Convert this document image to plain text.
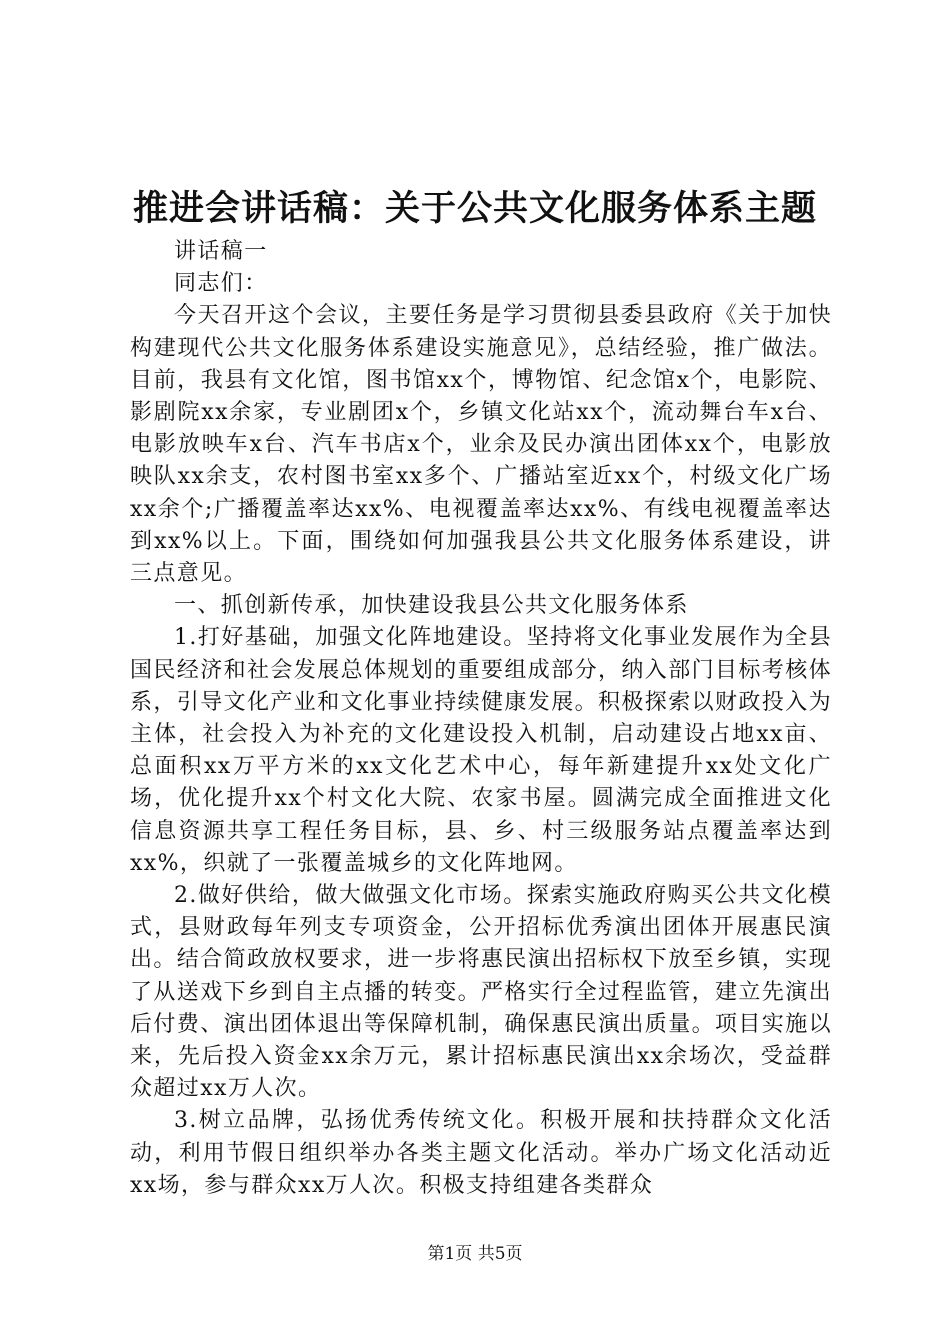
推进会讲话稿：关于公共文化服务体系主题

讲话稿一

同志们：

今天召开这个会议，主要任务是学习贯彻县委县政府《关于加快构建现代公共文化服务体系建设实施意见》，总结经验，推广做法。目前，我县有文化馆，图书馆xx个，博物馆、纪念馆x个，电影院、影剧院xx余家，专业剧团x个，乡镇文化站xx个，流动舞台车x台、电影放映车x台、汽车书店x个，业余及民办演出团体xx个，电影放映队xx余支，农村图书室xx多个、广播站室近xx个，村级文化广场xx余个;广播覆盖率达xx%、电视覆盖率达xx%、有线电视覆盖率达到xx%以上。下面，围绕如何加强我县公共文化服务体系建设，讲三点意见。

一、抓创新传承，加快建设我县公共文化服务体系

1.打好基础，加强文化阵地建设。坚持将文化事业发展作为全县国民经济和社会发展总体规划的重要组成部分，纳入部门目标考核体系，引导文化产业和文化事业持续健康发展。积极探索以财政投入为主体，社会投入为补充的文化建设投入机制，启动建设占地xx亩、总面积xx万平方米的xx文化艺术中心，每年新建提升xx处文化广场，优化提升xx个村文化大院、农家书屋。圆满完成全面推进文化信息资源共享工程任务目标，县、乡、村三级服务站点覆盖率达到xx%，织就了一张覆盖城乡的文化阵地网。

2.做好供给，做大做强文化市场。探索实施政府购买公共文化模式，县财政每年列支专项资金，公开招标优秀演出团体开展惠民演出。结合简政放权要求，进一步将惠民演出招标权下放至乡镇，实现了从送戏下乡到自主点播的转变。严格实行全过程监管，建立先演出后付费、演出团体退出等保障机制，确保惠民演出质量。项目实施以来，先后投入资金xx余万元，累计招标惠民演出xx余场次，受益群众超过xx万人次。

3.树立品牌，弘扬优秀传统文化。积极开展和扶持群众文化活动，利用节假日组织举办各类主题文化活动。举办广场文化活动近xx场，参与群众xx万人次。积极支持组建各类群众

第1页 共5页
